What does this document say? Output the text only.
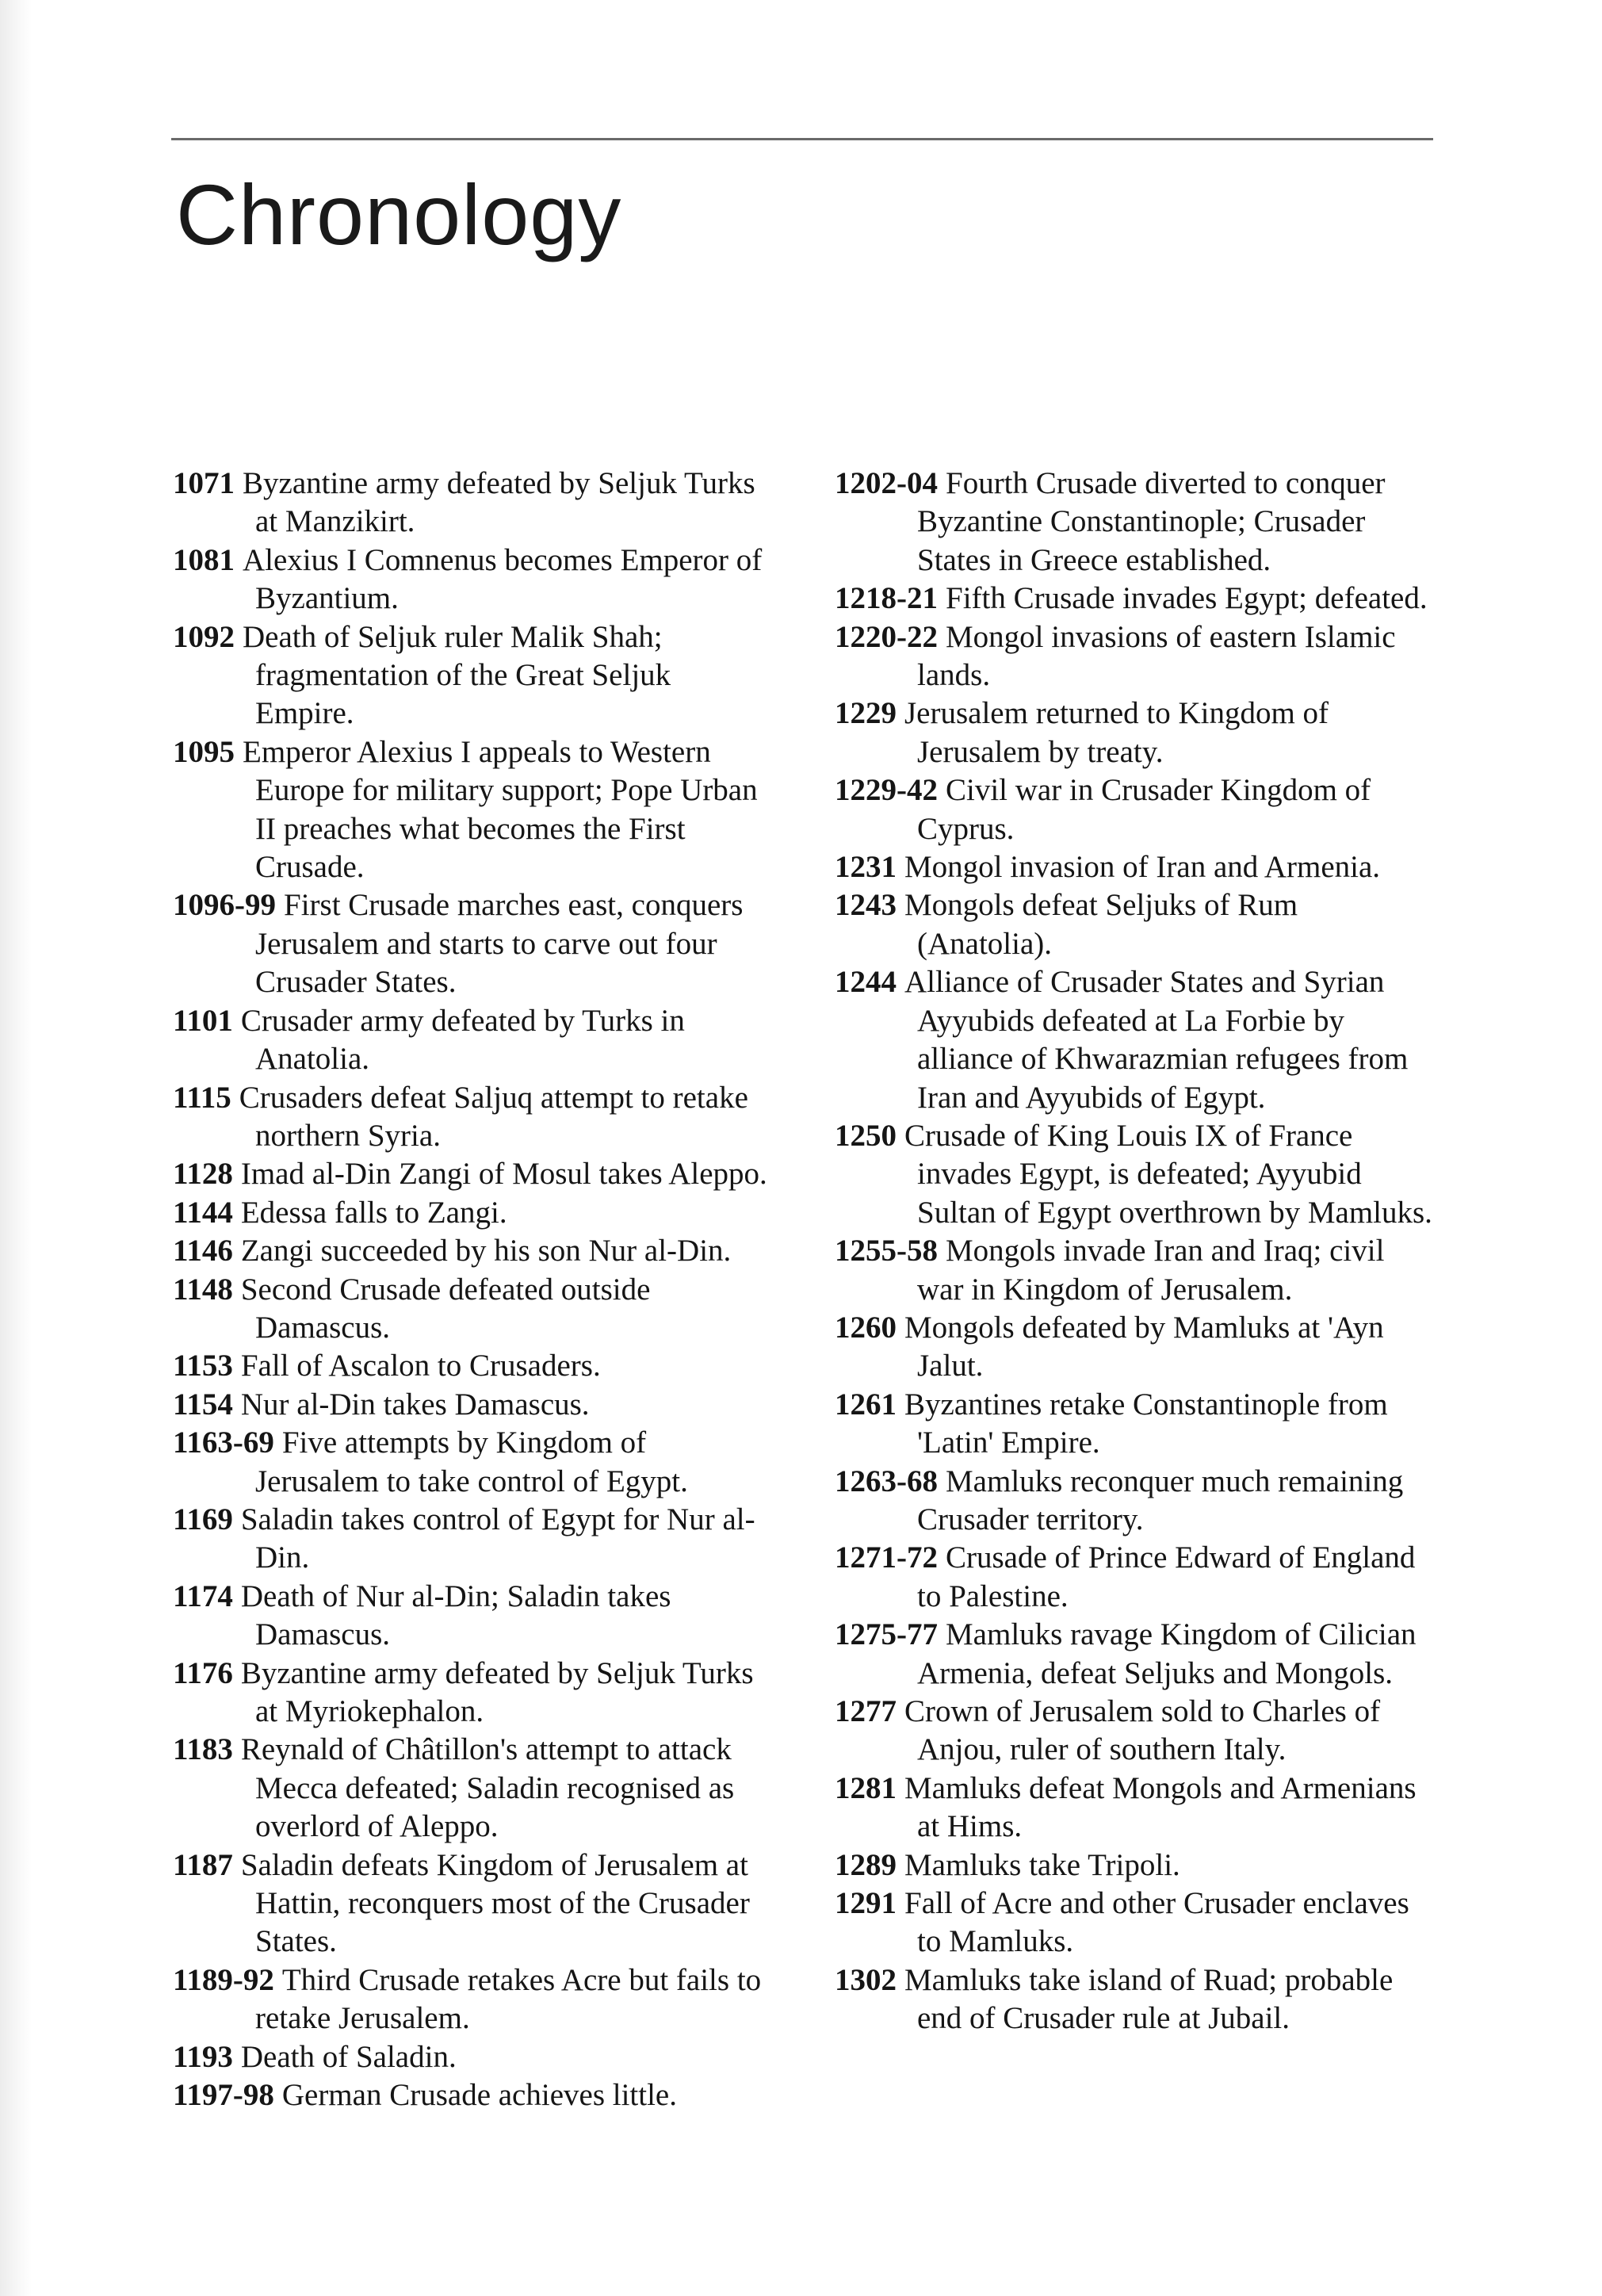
Chronology

1071 Byzantine army defeated by Seljuk Turks at Manzikirt.

1081 Alexius I Comnenus becomes Emperor of Byzantium.

1092 Death of Seljuk ruler Malik Shah; fragmentation of the Great Seljuk Empire.

1095 Emperor Alexius I appeals to Western Europe for military support; Pope Urban II preaches what becomes the First Crusade.

1096-99 First Crusade marches east, conquers Jerusalem and starts to carve out four Crusader States.

1101 Crusader army defeated by Turks in Anatolia.

1115 Crusaders defeat Saljuq attempt to retake northern Syria.

1128 Imad al-Din Zangi of Mosul takes Aleppo.

1144 Edessa falls to Zangi.

1146 Zangi succeeded by his son Nur al-Din.

1148 Second Crusade defeated outside Damascus.

1153 Fall of Ascalon to Crusaders.

1154 Nur al-Din takes Damascus.

1163-69 Five attempts by Kingdom of Jerusalem to take control of Egypt.

1169 Saladin takes control of Egypt for Nur al-Din.

1174 Death of Nur al-Din; Saladin takes Damascus.

1176 Byzantine army defeated by Seljuk Turks at Myriokephalon.

1183 Reynald of Châtillon's attempt to attack Mecca defeated; Saladin recognised as overlord of Aleppo.

1187 Saladin defeats Kingdom of Jerusalem at Hattin, reconquers most of the Crusader States.

1189-92 Third Crusade retakes Acre but fails to retake Jerusalem.

1193 Death of Saladin.

1197-98 German Crusade achieves little.

1202-04 Fourth Crusade diverted to conquer Byzantine Constantinople; Crusader States in Greece established.

1218-21 Fifth Crusade invades Egypt; defeated.

1220-22 Mongol invasions of eastern Islamic lands.

1229 Jerusalem returned to Kingdom of Jerusalem by treaty.

1229-42 Civil war in Crusader Kingdom of Cyprus.

1231 Mongol invasion of Iran and Armenia.

1243 Mongols defeat Seljuks of Rum (Anatolia).

1244 Alliance of Crusader States and Syrian Ayyubids defeated at La Forbie by alliance of Khwarazmian refugees from Iran and Ayyubids of Egypt.

1250 Crusade of King Louis IX of France invades Egypt, is defeated; Ayyubid Sultan of Egypt overthrown by Mamluks.

1255-58 Mongols invade Iran and Iraq; civil war in Kingdom of Jerusalem.

1260 Mongols defeated by Mamluks at 'Ayn Jalut.

1261 Byzantines retake Constantinople from 'Latin' Empire.

1263-68 Mamluks reconquer much remaining Crusader territory.

1271-72 Crusade of Prince Edward of England to Palestine.

1275-77 Mamluks ravage Kingdom of Cilician Armenia, defeat Seljuks and Mongols.

1277 Crown of Jerusalem sold to Charles of Anjou, ruler of southern Italy.

1281 Mamluks defeat Mongols and Armenians at Hims.

1289 Mamluks take Tripoli.

1291 Fall of Acre and other Crusader enclaves to Mamluks.

1302 Mamluks take island of Ruad; probable end of Crusader rule at Jubail.
